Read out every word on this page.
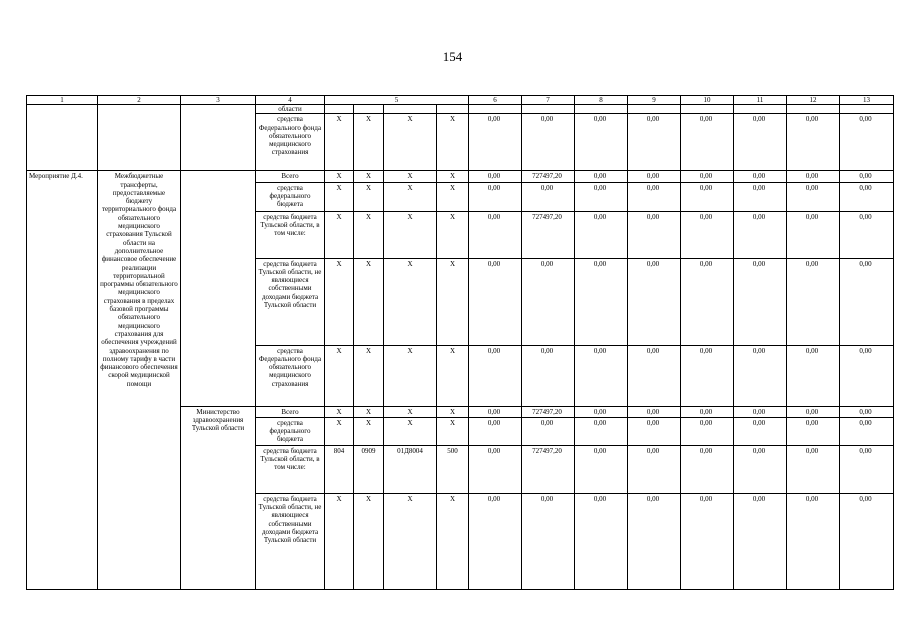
154
1	2	3	4	5				6	7	8	9	10	11	12	13
			области												
			средства Федерального фонда обязательного медицинского страхования	Х	Х	Х	Х	0,00	0,00	0,00	0,00	0,00	0,00	0,00	0,00
Мероприятие Д.4.	Межбюджетные трансферты, предоставляемые бюджету территориального фонда обязательного медицинского страхования Тульской области на дополнительное финансовое обеспечение реализации территориальной программы обязательного медицинского страхования в пределах базовой программы обязательного медицинского страхования для обеспечения учреждений здравоохранения по полному тарифу в части финансового обеспечения скорой медицинской помощи		Всего	Х	Х	Х	Х	0,00	727497,20	0,00	0,00	0,00	0,00	0,00	0,00
			средства федерального бюджета	Х	Х	Х	Х	0,00	0,00	0,00	0,00	0,00	0,00	0,00	0,00
			средства бюджета Тульской области, в том числе:	Х	Х	Х	Х	0,00	727497,20	0,00	0,00	0,00	0,00	0,00	0,00
			средства бюджета Тульской области, не являющиеся собственными доходами бюджета Тульской области	Х	Х	Х	Х	0,00	0,00	0,00	0,00	0,00	0,00	0,00	0,00
			средства Федерального фонда обязательного медицинского страхования	Х	Х	Х	Х	0,00	0,00	0,00	0,00	0,00	0,00	0,00	0,00
		Министерство здравоохранения Тульской области	Всего	Х	Х	Х	Х	0,00	727497,20	0,00	0,00	0,00	0,00	0,00	0,00
			средства федерального бюджета	Х	Х	Х	Х	0,00	0,00	0,00	0,00	0,00	0,00	0,00	0,00
			средства бюджета Тульской области, в том числе:	804	0909	01Д8004	500	0,00	727497,20	0,00	0,00	0,00	0,00	0,00	0,00
			средства бюджета Тульской области, не являющиеся собственными доходами бюджета Тульской области	Х	Х	Х	Х	0,00	0,00	0,00	0,00	0,00	0,00	0,00	0,00
